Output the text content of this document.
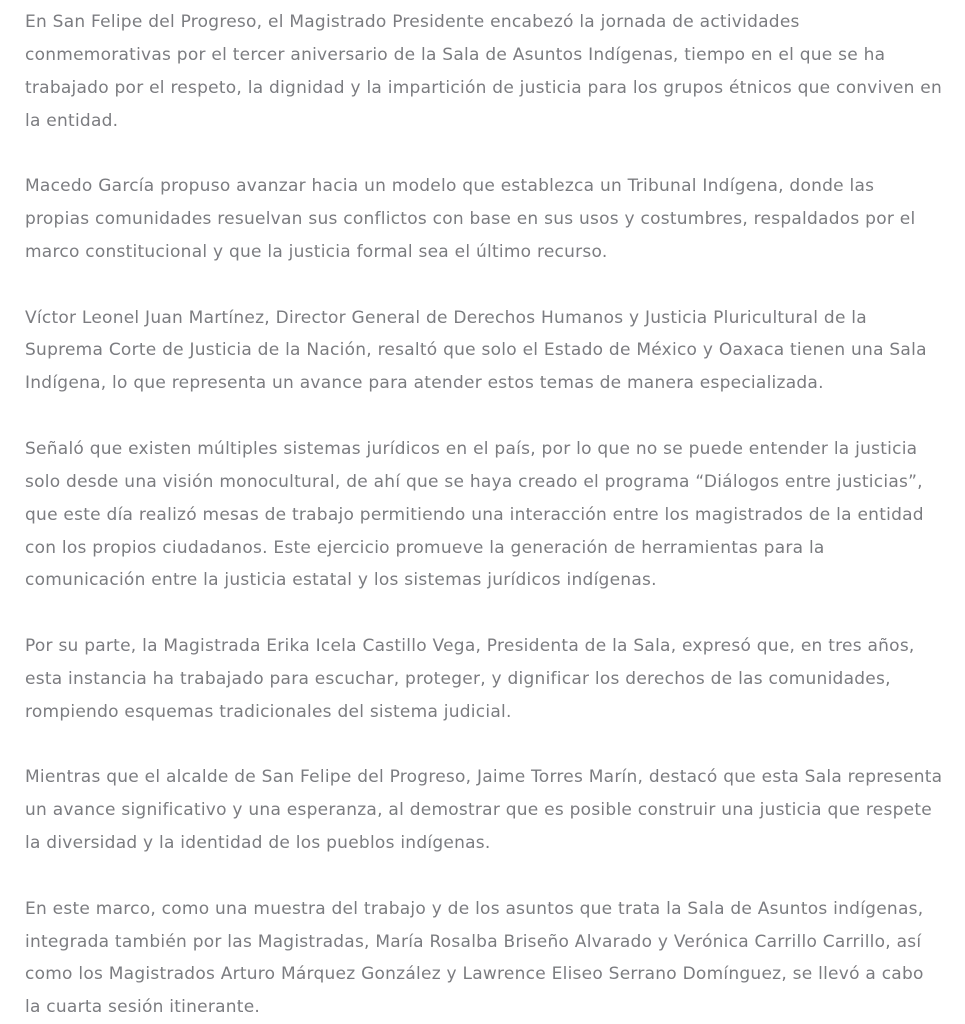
En San Felipe del Progreso, el Magistrado Presidente encabezó la jornada de actividades conmemorativas por el tercer aniversario de la Sala de Asuntos Indígenas, tiempo en el que se ha trabajado por el respeto, la dignidad y la impartición de justicia para los grupos étnicos que conviven en la entidad.

Macedo García propuso avanzar hacia un modelo que establezca un Tribunal Indígena, donde las propias comunidades resuelvan sus conflictos con base en sus usos y costumbres, respaldados por el marco constitucional y que la justicia formal sea el último recurso.

Víctor Leonel Juan Martínez, Director General de Derechos Humanos y Justicia Pluricultural de la Suprema Corte de Justicia de la Nación, resaltó que solo el Estado de México y Oaxaca tienen una Sala Indígena, lo que representa un avance para atender estos temas de manera especializada.

Señaló que existen múltiples sistemas jurídicos en el país, por lo que no se puede entender la justicia solo desde una visión monocultural, de ahí que se haya creado el programa “Diálogos entre justicias”, que este día realizó mesas de trabajo permitiendo una interacción entre los magistrados de la entidad con los propios ciudadanos. Este ejercicio promueve la generación de herramientas para la comunicación entre la justicia estatal y los sistemas jurídicos indígenas.

Por su parte, la Magistrada Erika Icela Castillo Vega, Presidenta de la Sala, expresó que, en tres años, esta instancia ha trabajado para escuchar, proteger, y dignificar los derechos de las comunidades, rompiendo esquemas tradicionales del sistema judicial.

Mientras que el alcalde de San Felipe del Progreso, Jaime Torres Marín, destacó que esta Sala representa un avance significativo y una esperanza, al demostrar que es posible construir una justicia que respete la diversidad y la identidad de los pueblos indígenas.

En este marco, como una muestra del trabajo y de los asuntos que trata la Sala de Asuntos indígenas, integrada también por las Magistradas, María Rosalba Briseño Alvarado y Verónica Carrillo Carrillo, así como los Magistrados Arturo Márquez González y Lawrence Eliseo Serrano Domínguez, se llevó a cabo la cuarta sesión itinerante.
